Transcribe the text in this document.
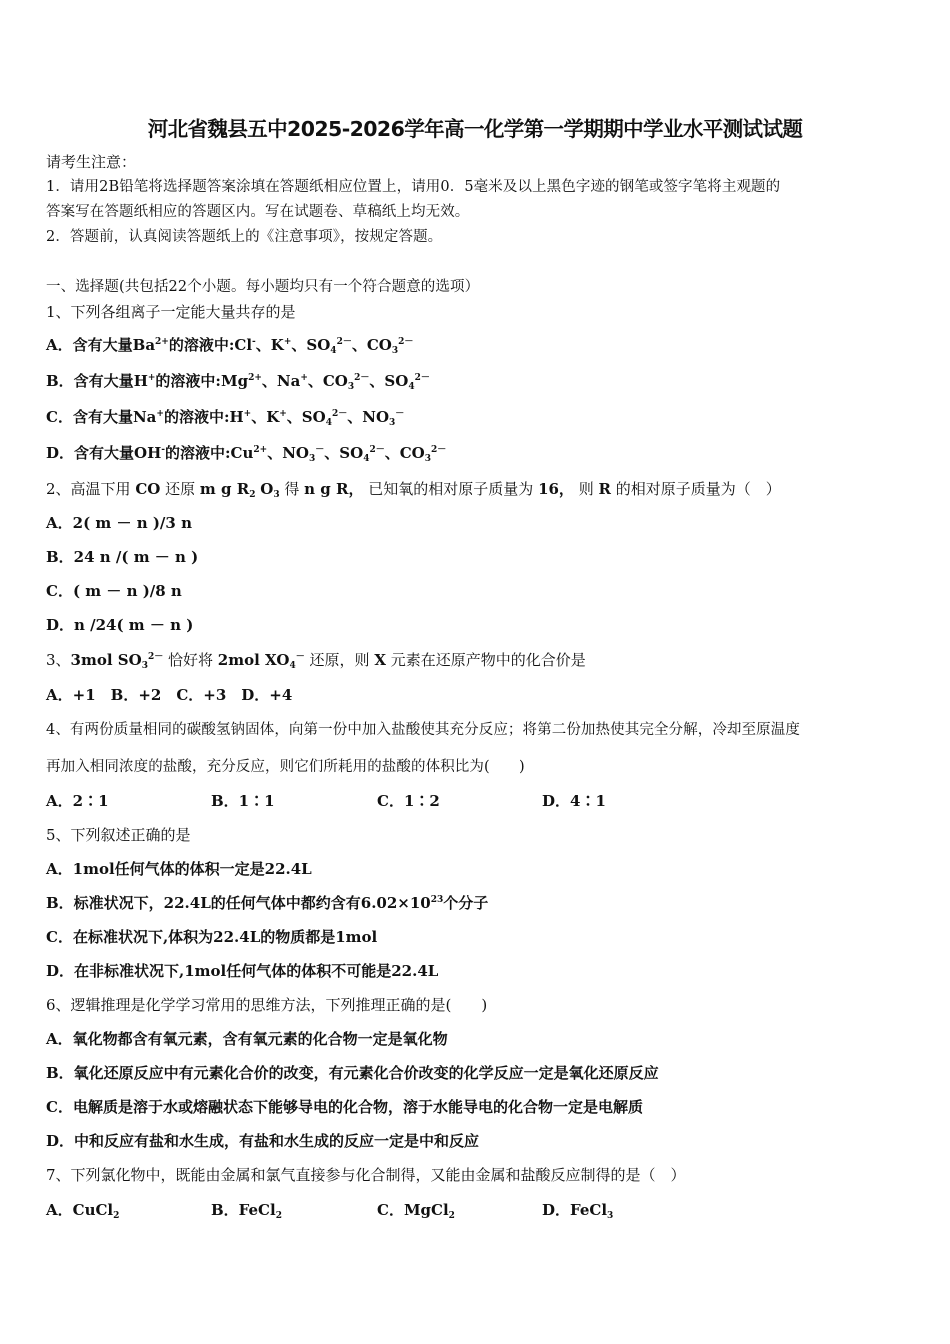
河北省魏县五中2025-2026学年高一化学第一学期期中学业水平测试试题
请考生注意：
1．请用2B铅笔将选择题答案涂填在答题纸相应位置上，请用0．5毫米及以上黑色字迹的钢笔或签字笔将主观题的
答案写在答题纸相应的答题区内。写在试题卷、草稿纸上均无效。
2．答题前，认真阅读答题纸上的《注意事项》，按规定答题。
一、选择题(共包括22个小题。每小题均只有一个符合题意的选项）
1、下列各组离子一定能大量共存的是
A．含有大量$Ba^{2+}$的溶液中:Cl-、K+、$SO_4^{2-}$、$CO_3^{2-}$
B．含有大量H+的溶液中$:Mg^{2+}$、Na+、$CO_3^{2-}$、$SO_4^{2-}$
C．含有大量Na+的溶液中:H+、K+、$SO_4^{2-}$、$NO_3^-$
D．含有大量OH-的溶液中$:Cu^{2+}$、$NO_3^-$、$SO_4^{2-}$、$CO_3^{2-}$
2、高温下用 CO 还原 m g $R_2$ $O_3$ 得 n g R， 已知氧的相对原子质量为 16， 则 R 的相对原子质量为（　）
A．2( m － n )/3 n
B．24 n /( m － n )
C．( m － n )/8 n
D．n /24( m － n )
3、3mol $SO_3^{2-}$ 恰好将 2mol $XO_4^-$ 还原，则 X 元素在还原产物中的化合价是
A．+1　B．+2　C．+3　D．+4
4、有两份质量相同的碳酸氢钠固体，向第一份中加入盐酸使其充分反应；将第二份加热使其完全分解，冷却至原温度
再加入相同浓度的盐酸，充分反应，则它们所耗用的盐酸的体积比为(　　)
A．2∶1	B．1∶1	C．1∶2	D．4∶1
5、下列叙述正确的是
A．1mol任何气体的体积一定是22.4L
B．标准状况下，22.4L的任何气体中都约含有$6.02\times 10^{23}$个分子
C．在标准状况下,体积为22.4L的物质都是1mol
D．在非标准状况下,1mol任何气体的体积不可能是22.4L
6、逻辑推理是化学学习常用的思维方法，下列推理正确的是(　　)
A．氧化物都含有氧元素，含有氧元素的化合物一定是氧化物
B．氧化还原反应中有元素化合价的改变，有元素化合价改变的化学反应一定是氧化还原反应
C．电解质是溶于水或熔融状态下能够导电的化合物，溶于水能导电的化合物一定是电解质
D．中和反应有盐和水生成，有盐和水生成的反应一定是中和反应
7、下列氯化物中，既能由金属和氯气直接参与化合制得，又能由金属和盐酸反应制得的是（　）
A．CuCl$_2$	B．FeCl$_2$	C．MgCl$_2$	D．FeCl$_3$
